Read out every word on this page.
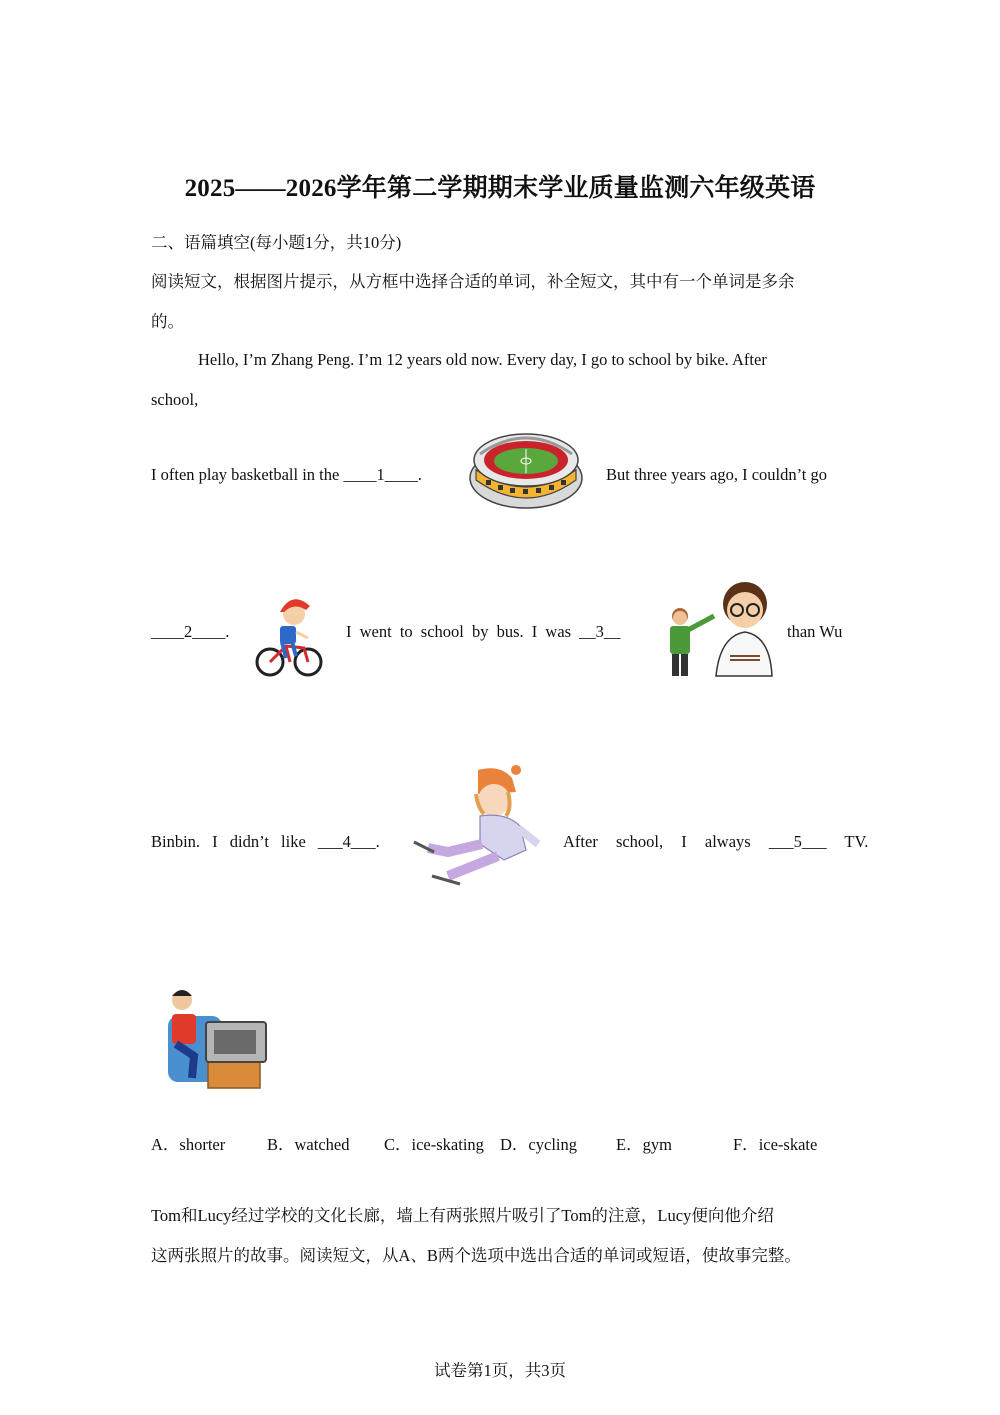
2025——2026学年第二学期期末学业质量监测六年级英语
二、语篇填空(每小题1分，共10分)
阅读短文，根据图片提示，从方框中选择合适的单词，补全短文，其中有一个单词是多余
的。
Hello, I’m Zhang Peng. I’m 12 years old now. Every day, I go to school by bike. After
school,
I often play basketball in the ____1____.	But three years ago, I couldn’t go
____2____.	I went to school by bus. I was __3__	than Wu
Binbin. I didn’t like ___4___.	After school, I always ___5___ TV.
A．shorter	B．watched C．ice-skating D．cycling E．gym	F．ice-skate
Tom和Lucy经过学校的文化长廊，墙上有两张照片吸引了Tom的注意，Lucy便向他介绍
这两张照片的故事。阅读短文，从A、B两个选项中选出合适的单词或短语，使故事完整。
试卷第1页，共3页
